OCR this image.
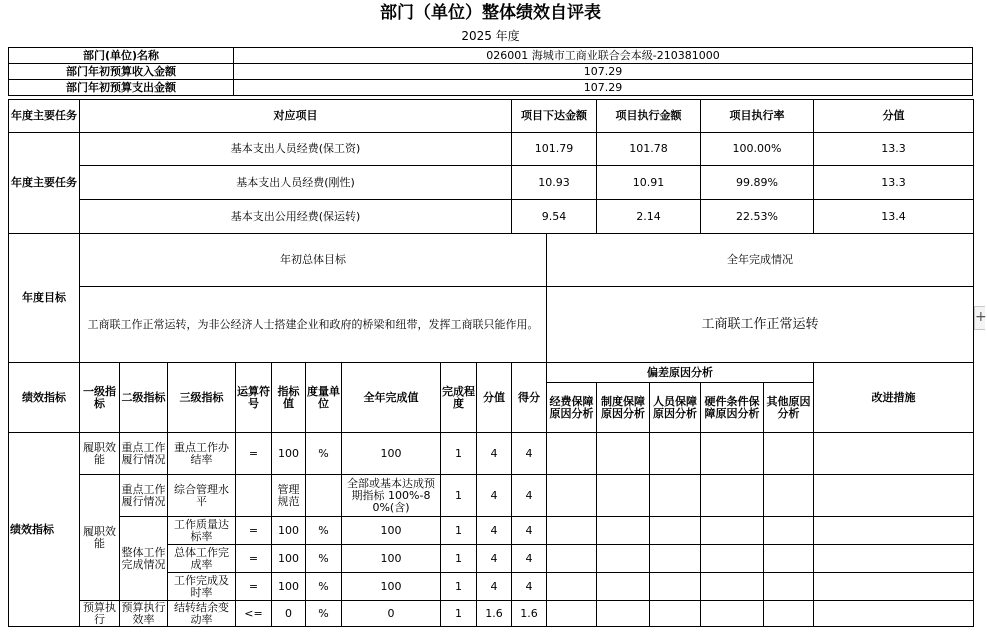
部门（单位）整体绩效自评表
2025 年度
部门(单位)名称	026001 海城市工商业联合会本级-210381000
部门年初预算收入金额	107.29
部门年初预算支出金额	107.29
年度主要任务	对应项目									项目下达金额		项目执行金额		项目执行率		分值
年度主要任务	基本支出人员经费(保工资)									101.79		101.78		100.00%		13.3
	基本支出人员经费(刚性)									10.93		10.91		99.89%		13.3
	基本支出公用经费(保运转)									9.54		2.14		22.53%		13.4
年度目标	年初总体目标										全年完成情况					
	工商联工作正常运转，为非公经济人士搭建企业和政府的桥梁和纽带，发挥工商联只能作用。										工商联工作正常运转					
绩效指标	一级指标	二级指标	三级指标	运算符号	指标值	度量单位	全年完成值	完成程度	分值	得分	偏差原因分析					改进措施
											经费保障原因分析	制度保障原因分析	人员保障原因分析	硬件条件保障原因分析	其他原因分析	
绩效指标	履职效能	重点工作履行情况	重点工作办结率	=	100	%	100	1	4	4						
	履职效能	重点工作履行情况	综合管理水平		管理规范		全部或基本达成预期指标 100%-80%(含)	1	4	4						
		整体工作完成情况	工作质量达标率	=	100	%	100	1	4	4						
			总体工作完成率	=	100	%	100	1	4	4						
			工作完成及时率	=	100	%	100	1	4	4						
	预算执行	预算执行效率	结转结余变动率	<=	0	%	0	1	1.6	1.6						
+
